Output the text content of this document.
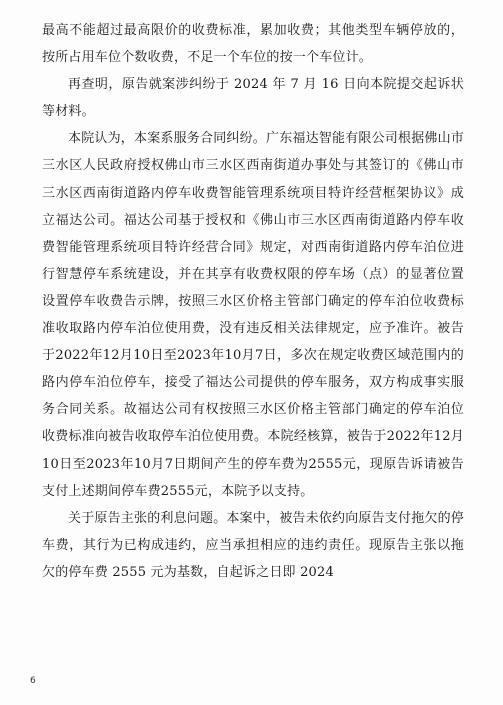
最高不能超过最高限价的收费标准，累加收费；其他类型车辆停放的，按所占用车位个数收费，不足一个车位的按一个车位计。

再查明，原告就案涉纠纷于 2024 年 7 月 16 日向本院提交起诉状等材料。

本院认为，本案系服务合同纠纷。广东福达智能有限公司根据佛山市三水区人民政府授权佛山市三水区西南街道办事处与其签订的《佛山市三水区西南街道路内停车收费智能管理系统项目特许经营框架协议》成立福达公司。福达公司基于授权和《佛山市三水区西南街道路内停车收费智能管理系统项目特许经营合同》规定，对西南街道路内停车泊位进行智慧停车系统建设，并在其享有收费权限的停车场（点）的显著位置设置停车收费告示牌，按照三水区价格主管部门确定的停车泊位收费标准收取路内停车泊位使用费，没有违反相关法律规定，应予准许。被告于2022年12月10日至2023年10月7日，多次在规定收费区域范围内的路内停车泊位停车，接受了福达公司提供的停车服务，双方构成事实服务合同关系。故福达公司有权按照三水区价格主管部门确定的停车泊位收费标准向被告收取停车泊位使用费。本院经核算，被告于2022年12月10日至2023年10月7日期间产生的停车费为2555元，现原告诉请被告支付上述期间停车费2555元，本院予以支持。

关于原告主张的利息问题。本案中，被告未依约向原告支付拖欠的停车费，其行为已构成违约，应当承担相应的违约责任。现原告主张以拖欠的停车费 2555 元为基数，自起诉之日即 2024

6
